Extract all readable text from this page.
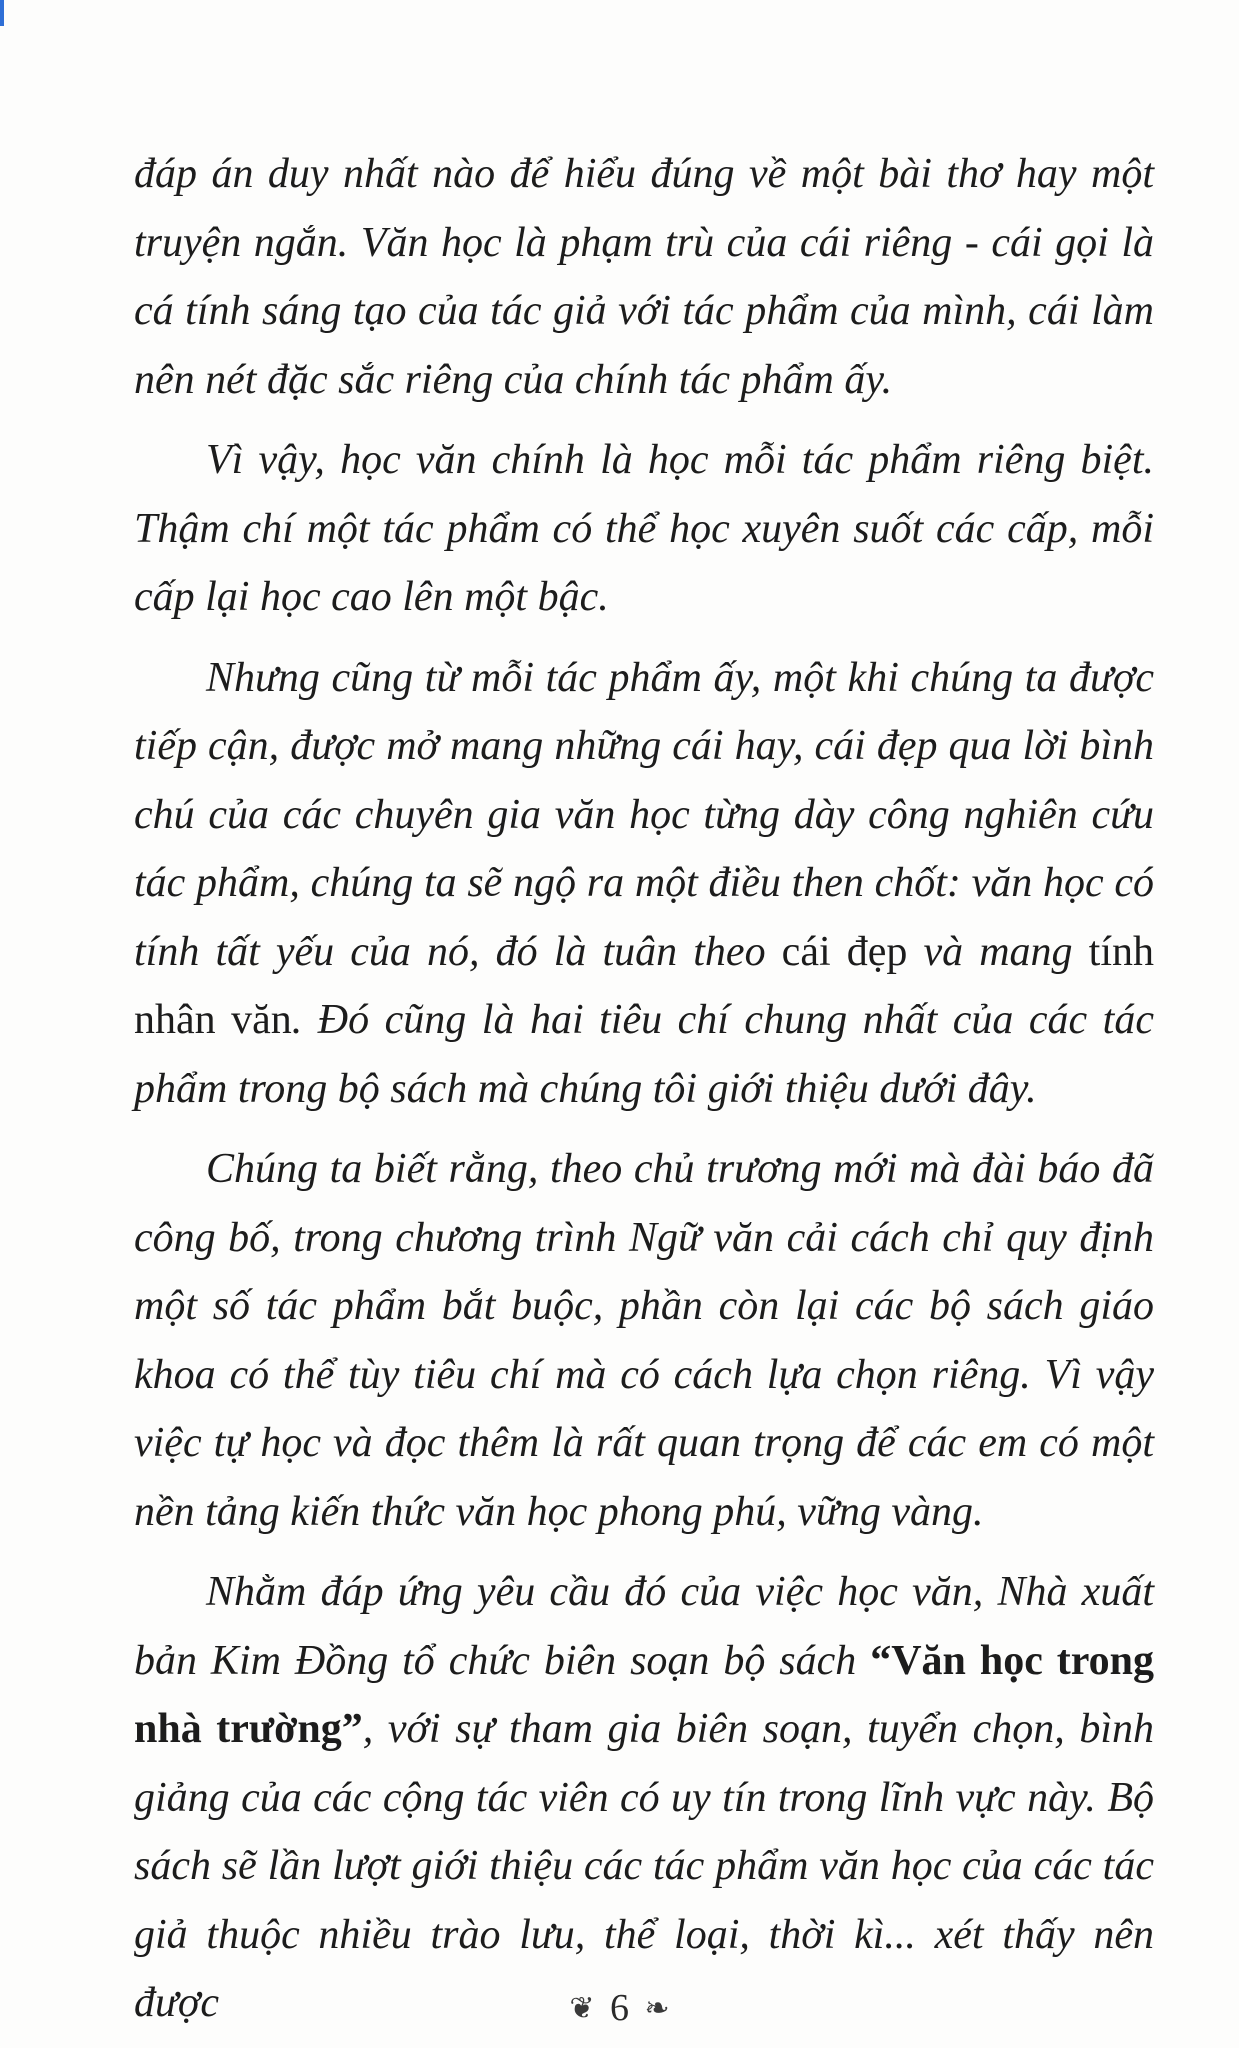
đáp án duy nhất nào để hiểu đúng về một bài thơ hay một truyện ngắn. Văn học là phạm trù của cái riêng - cái gọi là cá tính sáng tạo của tác giả với tác phẩm của mình, cái làm nên nét đặc sắc riêng của chính tác phẩm ấy.

Vì vậy, học văn chính là học mỗi tác phẩm riêng biệt. Thậm chí một tác phẩm có thể học xuyên suốt các cấp, mỗi cấp lại học cao lên một bậc.

Nhưng cũng từ mỗi tác phẩm ấy, một khi chúng ta được tiếp cận, được mở mang những cái hay, cái đẹp qua lời bình chú của các chuyên gia văn học từng dày công nghiên cứu tác phẩm, chúng ta sẽ ngộ ra một điều then chốt: văn học có tính tất yếu của nó, đó là tuân theo cái đẹp và mang tính nhân văn. Đó cũng là hai tiêu chí chung nhất của các tác phẩm trong bộ sách mà chúng tôi giới thiệu dưới đây.

Chúng ta biết rằng, theo chủ trương mới mà đài báo đã công bố, trong chương trình Ngữ văn cải cách chỉ quy định một số tác phẩm bắt buộc, phần còn lại các bộ sách giáo khoa có thể tùy tiêu chí mà có cách lựa chọn riêng. Vì vậy việc tự học và đọc thêm là rất quan trọng để các em có một nền tảng kiến thức văn học phong phú, vững vàng.

Nhằm đáp ứng yêu cầu đó của việc học văn, Nhà xuất bản Kim Đồng tổ chức biên soạn bộ sách “Văn học trong nhà trường”, với sự tham gia biên soạn, tuyển chọn, bình giảng của các cộng tác viên có uy tín trong lĩnh vực này. Bộ sách sẽ lần lượt giới thiệu các tác phẩm văn học của các tác giả thuộc nhiều trào lưu, thể loại, thời kì... xét thấy nên được	❦ 6 ❧
